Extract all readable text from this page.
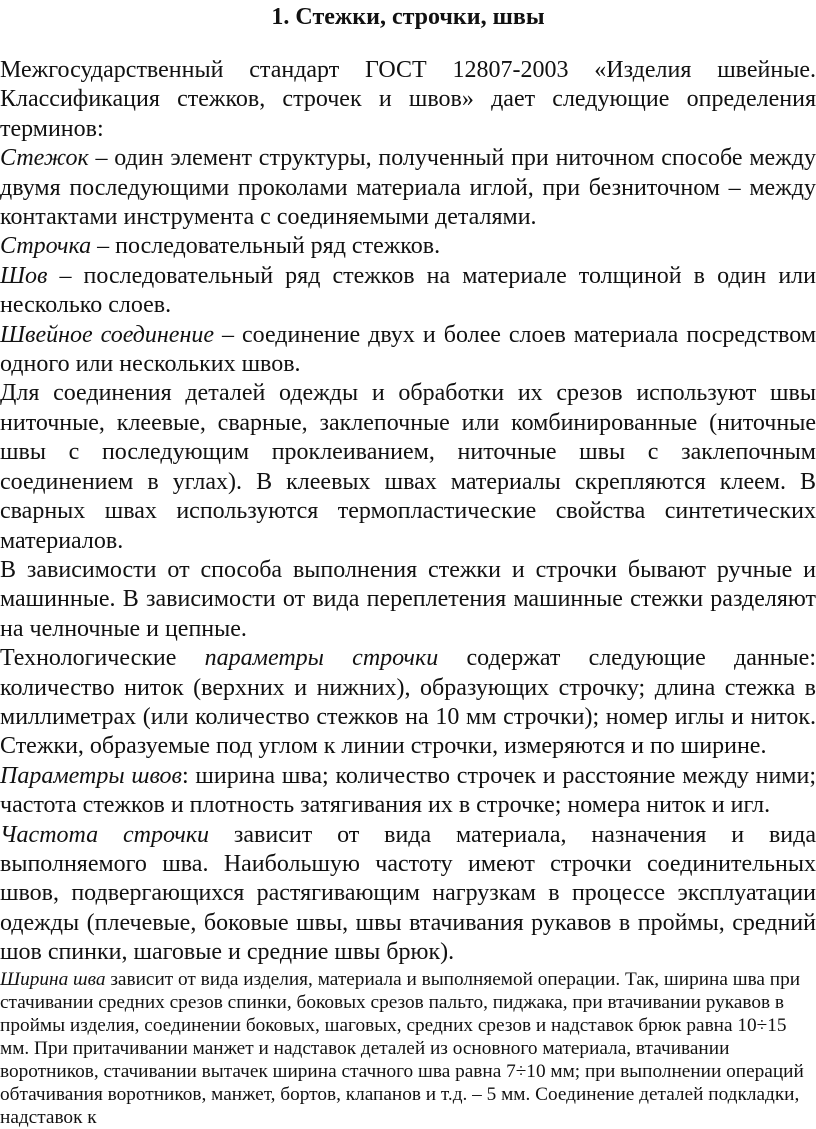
1. Стежки, строчки, швы

Межгосударственный стандарт ГОСТ 12807-2003 «Изделия швейные. Классификация стежков, строчек и швов» дает следующие определения терминов:

Стежок – один элемент структуры, полученный при ниточном способе между двумя последующими проколами материала иглой, при безниточном – между контактами инструмента с соединяемыми деталями.

Строчка – последовательный ряд стежков.

Шов – последовательный ряд стежков на материале толщиной в один или несколько слоев.

Швейное соединение – соединение двух и более слоев материала посредством одного или нескольких швов.

Для соединения деталей одежды и обработки их срезов используют швы ниточные, клеевые, сварные, заклепочные или комбинированные (ниточные швы с последующим проклеиванием, ниточные швы с заклепочным соединением в углах). В клеевых швах материалы скрепляются клеем. В сварных швах используются термопластические свойства синтетических материалов.

В зависимости от способа выполнения стежки и строчки бывают ручные и машинные. В зависимости от вида переплетения машинные стежки разделяют на челночные и цепные.

Технологические параметры строчки содержат следующие данные: количество ниток (верхних и нижних), образующих строчку; длина стежка в миллиметрах (или количество стежков на 10 мм строчки); номер иглы и ниток. Стежки, образуемые под углом к линии строчки, измеряются и по ширине.

Параметры швов: ширина шва; количество строчек и расстояние между ними; частота стежков и плотность затягивания их в строчке; номера ниток и игл.

Частота строчки зависит от вида материала, назначения и вида выполняемого шва. Наибольшую частоту имеют строчки соединительных швов, подвергающихся растягивающим нагрузкам в процессе эксплуатации одежды (плечевые, боковые швы, швы втачивания рукавов в проймы, средний шов спинки, шаговые и средние швы брюк).

Ширина шва зависит от вида изделия, материала и выполняемой операции. Так, ширина шва при стачивании средних срезов спинки, боковых срезов пальто, пиджака, при втачивании рукавов в проймы изделия, соединении боковых, шаговых, средних срезов и надставок брюк равна 10÷15 мм. При притачивании манжет и надставок деталей из основного материала, втачивании воротников, стачивании вытачек ширина стачного шва равна 7÷10 мм; при выполнении операций обтачивания воротников, манжет, бортов, клапанов и т.д. – 5 мм. Соединение деталей подкладки, надставок к
